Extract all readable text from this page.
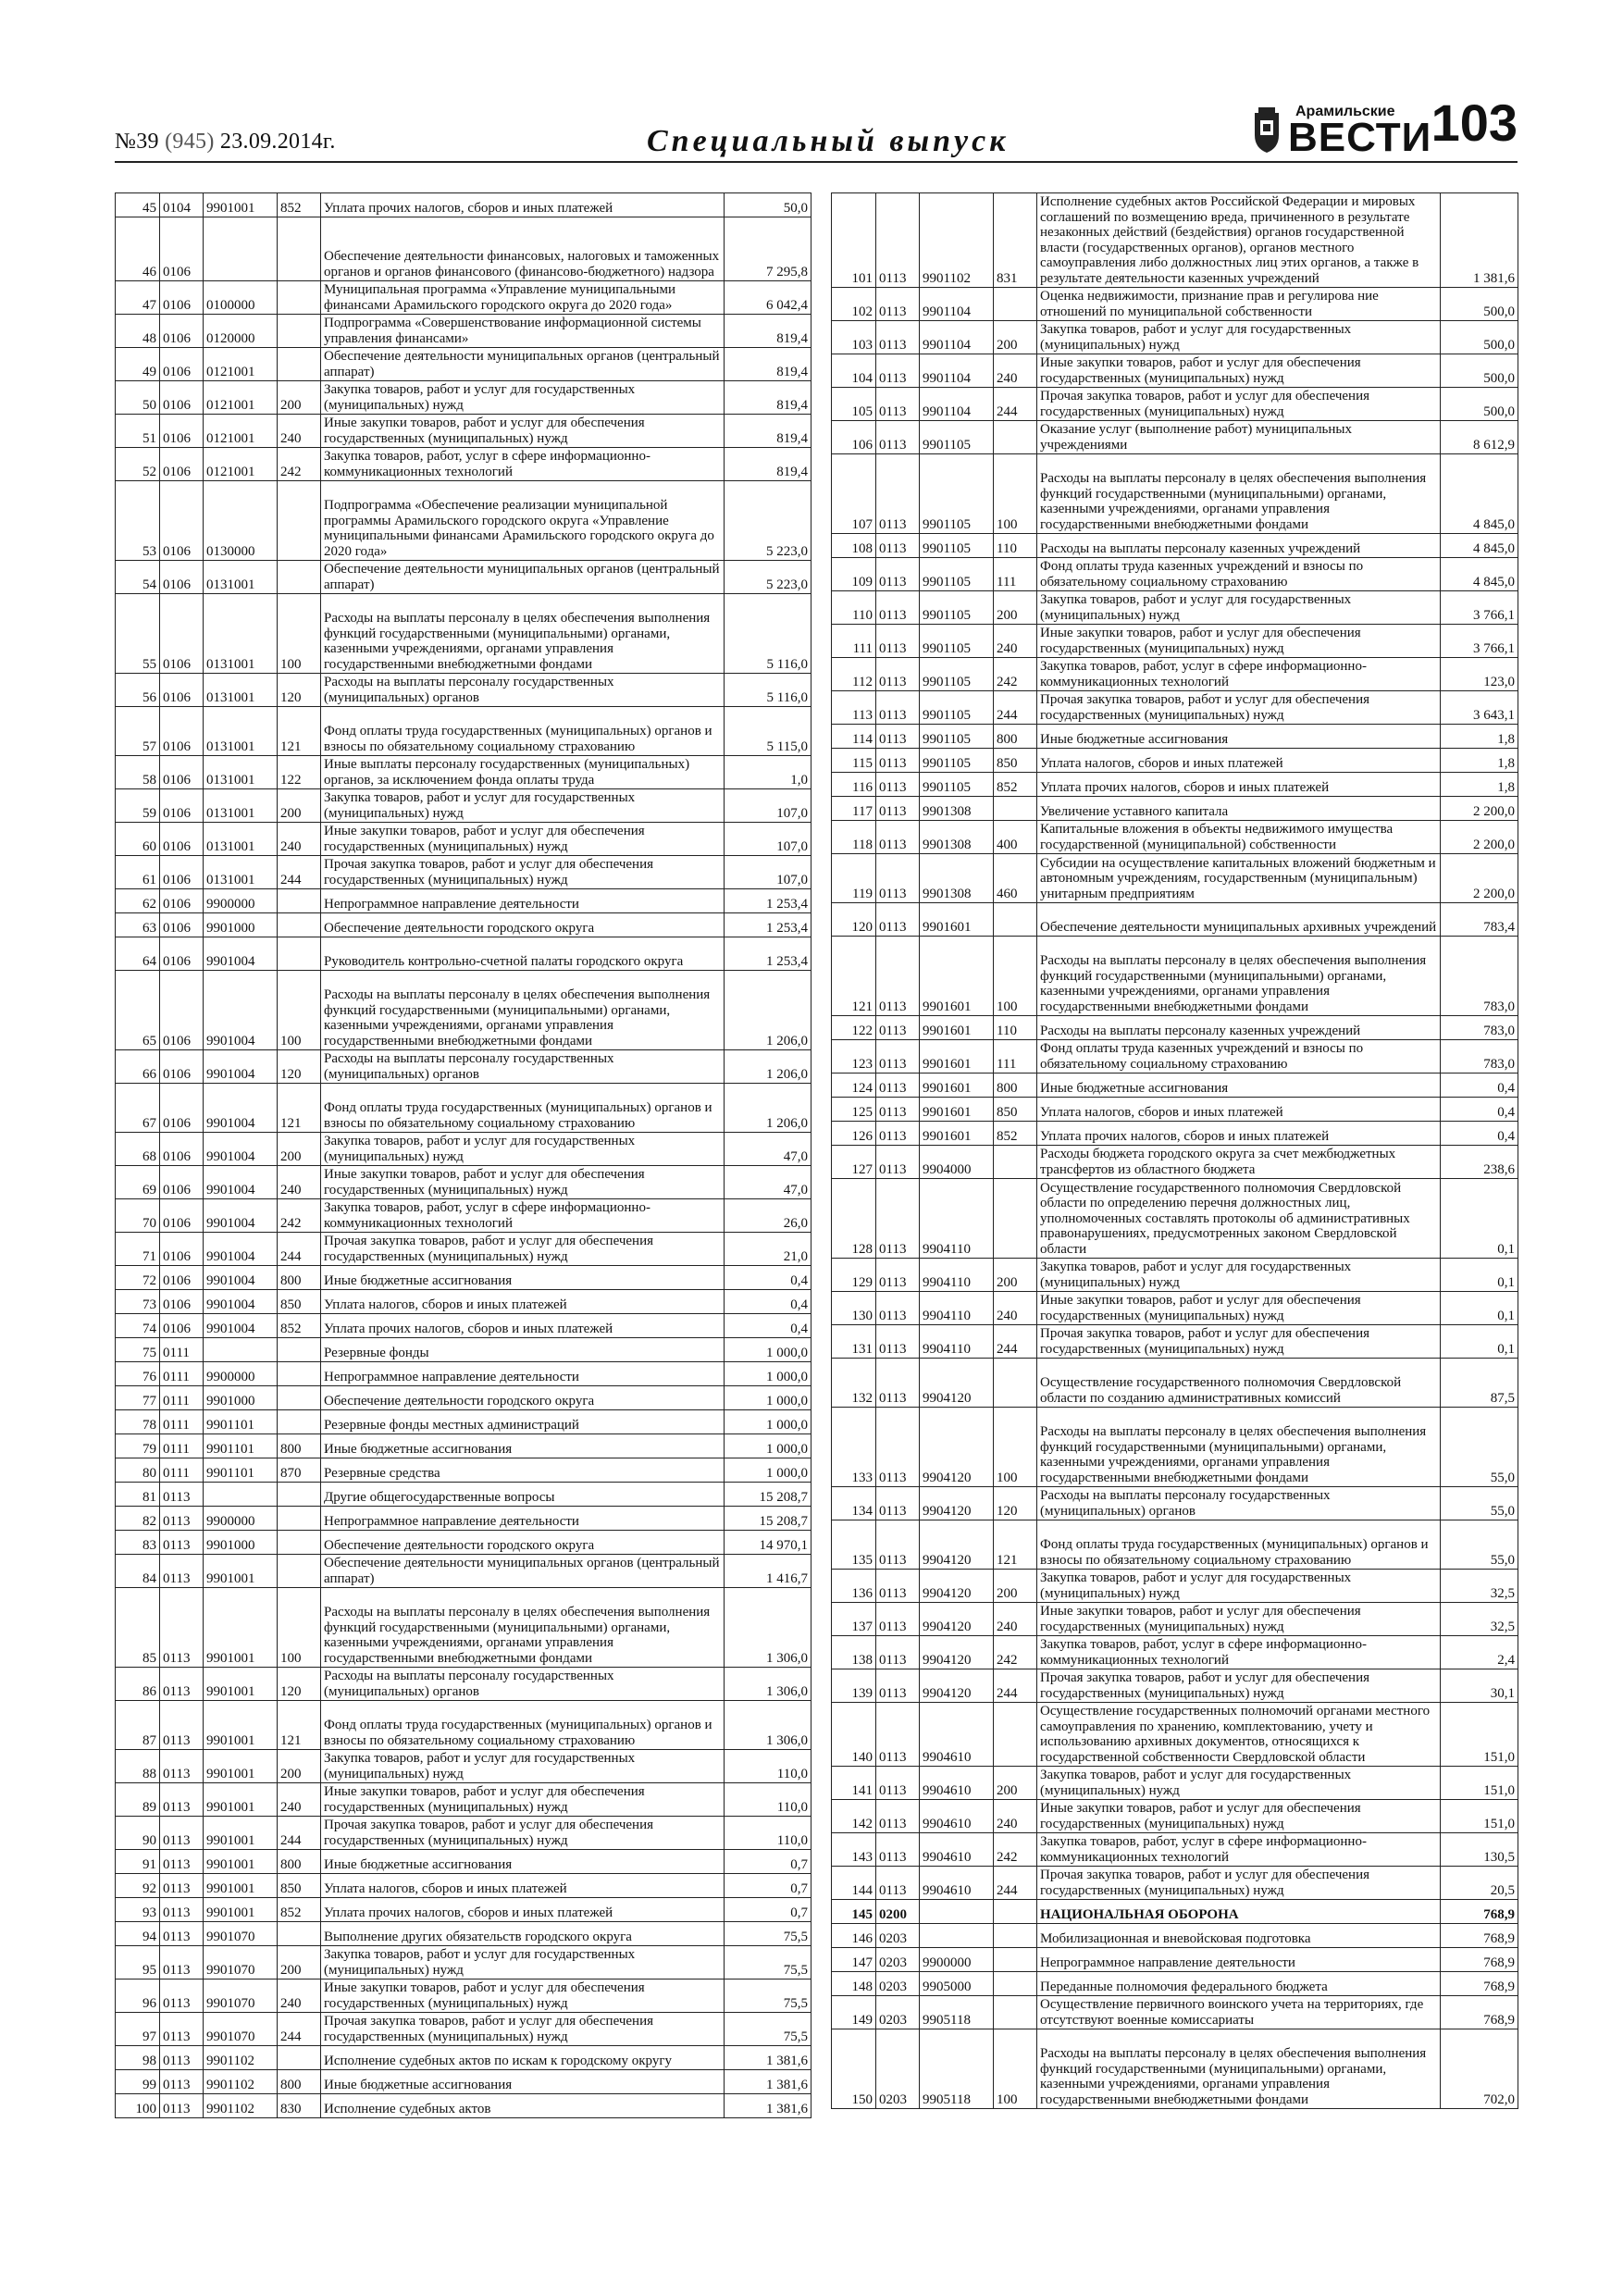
№39 (945) 23.09.2014г.	Специальный выпуск
Арамильские
ВЕСТИ 103
45	0104	9901001	852	Уплата прочих налогов, сборов и иных платежей	50,0
46	0106			Обеспечение деятельности финансовых, налоговых и таможенных органов и органов финансового (финансово-бюджетного) надзора	7 295,8
47	0106	0100000		Муниципальная программа «Управление муниципальными финансами Арамильского городского округа до 2020 года»	6 042,4
48	0106	0120000		Подпрограмма «Совершенствование информационной системы управления финансами»	819,4
49	0106	0121001		Обеспечение деятельности муниципальных органов (центральный аппарат)	819,4
50	0106	0121001	200	Закупка товаров, работ и услуг для государственных (муниципальных) нужд	819,4
51	0106	0121001	240	Иные закупки товаров, работ и услуг для обеспечения государственных (муниципальных) нужд	819,4
52	0106	0121001	242	Закупка товаров, работ, услуг в сфере информационно-коммуникационных технологий	819,4
53	0106	0130000		Подпрограмма «Обеспечение реализации муниципальной программы Арамильского городского округа «Управление муниципальными финансами Арамильского городского округа до 2020 года»	5 223,0
54	0106	0131001		Обеспечение деятельности муниципальных органов (центральный аппарат)	5 223,0
55	0106	0131001	100	Расходы на выплаты персоналу в целях обеспечения выполнения функций государственными (муниципальными) органами, казенными учреждениями, органами управления государственными внебюджетными фондами	5 116,0
56	0106	0131001	120	Расходы на выплаты персоналу государственных (муниципальных) органов	5 116,0
57	0106	0131001	121	Фонд оплаты труда государственных (муниципальных) органов и взносы по обязательному социальному страхованию	5 115,0
58	0106	0131001	122	Иные выплаты персоналу государственных (муниципальных) органов, за исключением фонда оплаты труда	1,0
59	0106	0131001	200	Закупка товаров, работ и услуг для государственных (муниципальных) нужд	107,0
60	0106	0131001	240	Иные закупки товаров, работ и услуг для обеспечения государственных (муниципальных) нужд	107,0
61	0106	0131001	244	Прочая закупка товаров, работ и услуг для обеспечения государственных (муниципальных) нужд	107,0
62	0106	9900000		Непрограммное направление деятельности	1 253,4
63	0106	9901000		Обеспечение деятельности городского округа	1 253,4
64	0106	9901004		Руководитель контрольно-счетной палаты городского округа	1 253,4
65	0106	9901004	100	Расходы на выплаты персоналу в целях обеспечения выполнения функций государственными (муниципальными) органами, казенными учреждениями, органами управления государственными внебюджетными фондами	1 206,0
66	0106	9901004	120	Расходы на выплаты персоналу государственных (муниципальных) органов	1 206,0
67	0106	9901004	121	Фонд оплаты труда государственных (муниципальных) органов и взносы по обязательному социальному страхованию	1 206,0
68	0106	9901004	200	Закупка товаров, работ и услуг для государственных (муниципальных) нужд	47,0
69	0106	9901004	240	Иные закупки товаров, работ и услуг для обеспечения государственных (муниципальных) нужд	47,0
70	0106	9901004	242	Закупка товаров, работ, услуг в сфере информационно-коммуникационных технологий	26,0
71	0106	9901004	244	Прочая закупка товаров, работ и услуг для обеспечения государственных (муниципальных) нужд	21,0
72	0106	9901004	800	Иные бюджетные ассигнования	0,4
73	0106	9901004	850	Уплата налогов, сборов и иных платежей	0,4
74	0106	9901004	852	Уплата прочих налогов, сборов и иных платежей	0,4
75	0111			Резервные фонды	1 000,0
76	0111	9900000		Непрограммное направление деятельности	1 000,0
77	0111	9901000		Обеспечение деятельности городского округа	1 000,0
78	0111	9901101		Резервные фонды местных администраций	1 000,0
79	0111	9901101	800	Иные бюджетные ассигнования	1 000,0
80	0111	9901101	870	Резервные средства	1 000,0
81	0113			Другие общегосударственные вопросы	15 208,7
82	0113	9900000		Непрограммное направление деятельности	15 208,7
83	0113	9901000		Обеспечение деятельности городского округа	14 970,1
84	0113	9901001		Обеспечение деятельности муниципальных органов (центральный аппарат)	1 416,7
85	0113	9901001	100	Расходы на выплаты персоналу в целях обеспечения выполнения функций государственными (муниципальными) органами, казенными учреждениями, органами управления государственными внебюджетными фондами	1 306,0
86	0113	9901001	120	Расходы на выплаты персоналу государственных (муниципальных) органов	1 306,0
87	0113	9901001	121	Фонд оплаты труда государственных (муниципальных) органов и взносы по обязательному социальному страхованию	1 306,0
88	0113	9901001	200	Закупка товаров, работ и услуг для государственных (муниципальных) нужд	110,0
89	0113	9901001	240	Иные закупки товаров, работ и услуг для обеспечения государственных (муниципальных) нужд	110,0
90	0113	9901001	244	Прочая закупка товаров, работ и услуг для обеспечения государственных (муниципальных) нужд	110,0
91	0113	9901001	800	Иные бюджетные ассигнования	0,7
92	0113	9901001	850	Уплата налогов, сборов и иных платежей	0,7
93	0113	9901001	852	Уплата прочих налогов, сборов и иных платежей	0,7
94	0113	9901070		Выполнение других обязательств городского округа	75,5
95	0113	9901070	200	Закупка товаров, работ и услуг для государственных (муниципальных) нужд	75,5
96	0113	9901070	240	Иные закупки товаров, работ и услуг для обеспечения государственных (муниципальных) нужд	75,5
97	0113	9901070	244	Прочая закупка товаров, работ и услуг для обеспечения государственных (муниципальных) нужд	75,5
98	0113	9901102		Исполнение судебных актов по искам к городскому округу	1 381,6
99	0113	9901102	800	Иные бюджетные ассигнования	1 381,6
100	0113	9901102	830	Исполнение судебных актов	1 381,6
101	0113	9901102	831	Исполнение судебных актов Российской Федерации и мировых соглашений по возмещению вреда, причиненного в результате незаконных действий (бездействия) органов государственной власти (государственных органов), органов местного самоуправления либо должностных лиц этих органов, а также в результате деятельности казенных учреждений	1 381,6
102	0113	9901104		Оценка недвижимости, признание прав и регулирова ние отношений по муниципальной собственности	500,0
103	0113	9901104	200	Закупка товаров, работ и услуг для государственных (муниципальных) нужд	500,0
104	0113	9901104	240	Иные закупки товаров, работ и услуг для обеспечения государственных (муниципальных) нужд	500,0
105	0113	9901104	244	Прочая закупка товаров, работ и услуг для обеспечения государственных (муниципальных) нужд	500,0
106	0113	9901105		Оказание услуг (выполнение работ) муниципальных учреждениями	8 612,9
107	0113	9901105	100	Расходы на выплаты персоналу в целях обеспечения выполнения функций государственными (муниципальными) органами, казенными учреждениями, органами управления государственными внебюджетными фондами	4 845,0
108	0113	9901105	110	Расходы на выплаты персоналу казенных учреждений	4 845,0
109	0113	9901105	111	Фонд оплаты труда казенных учреждений и взносы по обязательному социальному страхованию	4 845,0
110	0113	9901105	200	Закупка товаров, работ и услуг для государственных (муниципальных) нужд	3 766,1
111	0113	9901105	240	Иные закупки товаров, работ и услуг для обеспечения государственных (муниципальных) нужд	3 766,1
112	0113	9901105	242	Закупка товаров, работ, услуг в сфере информационно-коммуникационных технологий	123,0
113	0113	9901105	244	Прочая закупка товаров, работ и услуг для обеспечения государственных (муниципальных) нужд	3 643,1
114	0113	9901105	800	Иные бюджетные ассигнования	1,8
115	0113	9901105	850	Уплата налогов, сборов и иных платежей	1,8
116	0113	9901105	852	Уплата прочих налогов, сборов и иных платежей	1,8
117	0113	9901308		Увеличение уставного капитала	2 200,0
118	0113	9901308	400	Капитальные вложения в объекты недвижимого имущества государственной (муниципальной) собственности	2 200,0
119	0113	9901308	460	Субсидии на осуществление капитальных вложений бюджетным и автономным учреждениям, государственным (муниципальным) унитарным предприятиям	2 200,0
120	0113	9901601		Обеспечение деятельности муниципальных архивных учреждений	783,4
121	0113	9901601	100	Расходы на выплаты персоналу в целях обеспечения выполнения функций государственными (муниципальными) органами, казенными учреждениями, органами управления государственными внебюджетными фондами	783,0
122	0113	9901601	110	Расходы на выплаты персоналу казенных учреждений	783,0
123	0113	9901601	111	Фонд оплаты труда казенных учреждений и взносы по обязательному социальному страхованию	783,0
124	0113	9901601	800	Иные бюджетные ассигнования	0,4
125	0113	9901601	850	Уплата налогов, сборов и иных платежей	0,4
126	0113	9901601	852	Уплата прочих налогов, сборов и иных платежей	0,4
127	0113	9904000		Расходы бюджета городского округа за счет межбюджетных трансфертов из областного бюджета	238,6
128	0113	9904110		Осуществление государственного полномочия Свердловской области по определению перечня должностных лиц, уполномоченных составлять протоколы об административных правонарушениях, предусмотренных законом Свердловской области	0,1
129	0113	9904110	200	Закупка товаров, работ и услуг для государственных (муниципальных) нужд	0,1
130	0113	9904110	240	Иные закупки товаров, работ и услуг для обеспечения государственных (муниципальных) нужд	0,1
131	0113	9904110	244	Прочая закупка товаров, работ и услуг для обеспечения государственных (муниципальных) нужд	0,1
132	0113	9904120		Осуществление государственного полномочия Свердловской области по созданию административных комиссий	87,5
133	0113	9904120	100	Расходы на выплаты персоналу в целях обеспечения выполнения функций государственными (муниципальными) органами, казенными учреждениями, органами управления государственными внебюджетными фондами	55,0
134	0113	9904120	120	Расходы на выплаты персоналу государственных (муниципальных) органов	55,0
135	0113	9904120	121	Фонд оплаты труда государственных (муниципальных) органов и взносы по обязательному социальному страхованию	55,0
136	0113	9904120	200	Закупка товаров, работ и услуг для государственных (муниципальных) нужд	32,5
137	0113	9904120	240	Иные закупки товаров, работ и услуг для обеспечения государственных (муниципальных) нужд	32,5
138	0113	9904120	242	Закупка товаров, работ, услуг в сфере информационно-коммуникационных технологий	2,4
139	0113	9904120	244	Прочая закупка товаров, работ и услуг для обеспечения государственных (муниципальных) нужд	30,1
140	0113	9904610		Осуществление государственных полномочий органами местного самоуправления по хранению, комплектованию, учету и использованию архивных документов, относящихся к государственной собственности Свердловской области	151,0
141	0113	9904610	200	Закупка товаров, работ и услуг для государственных (муниципальных) нужд	151,0
142	0113	9904610	240	Иные закупки товаров, работ и услуг для обеспечения государственных (муниципальных) нужд	151,0
143	0113	9904610	242	Закупка товаров, работ, услуг в сфере информационно-коммуникационных технологий	130,5
144	0113	9904610	244	Прочая закупка товаров, работ и услуг для обеспечения государственных (муниципальных) нужд	20,5
145	0200			НАЦИОНАЛЬНАЯ ОБОРОНА	768,9
146	0203			Мобилизационная и вневойсковая подготовка	768,9
147	0203	9900000		Непрограммное направление деятельности	768,9
148	0203	9905000		Переданные полномочия федерального бюджета	768,9
149	0203	9905118		Осуществление первичного воинского учета на территориях, где отсутствуют военные комиссариаты	768,9
150	0203	9905118	100	Расходы на выплаты персоналу в целях обеспечения выполнения функций государственными (муниципальными) органами, казенными учреждениями, органами управления государственными внебюджетными фондами	702,0
